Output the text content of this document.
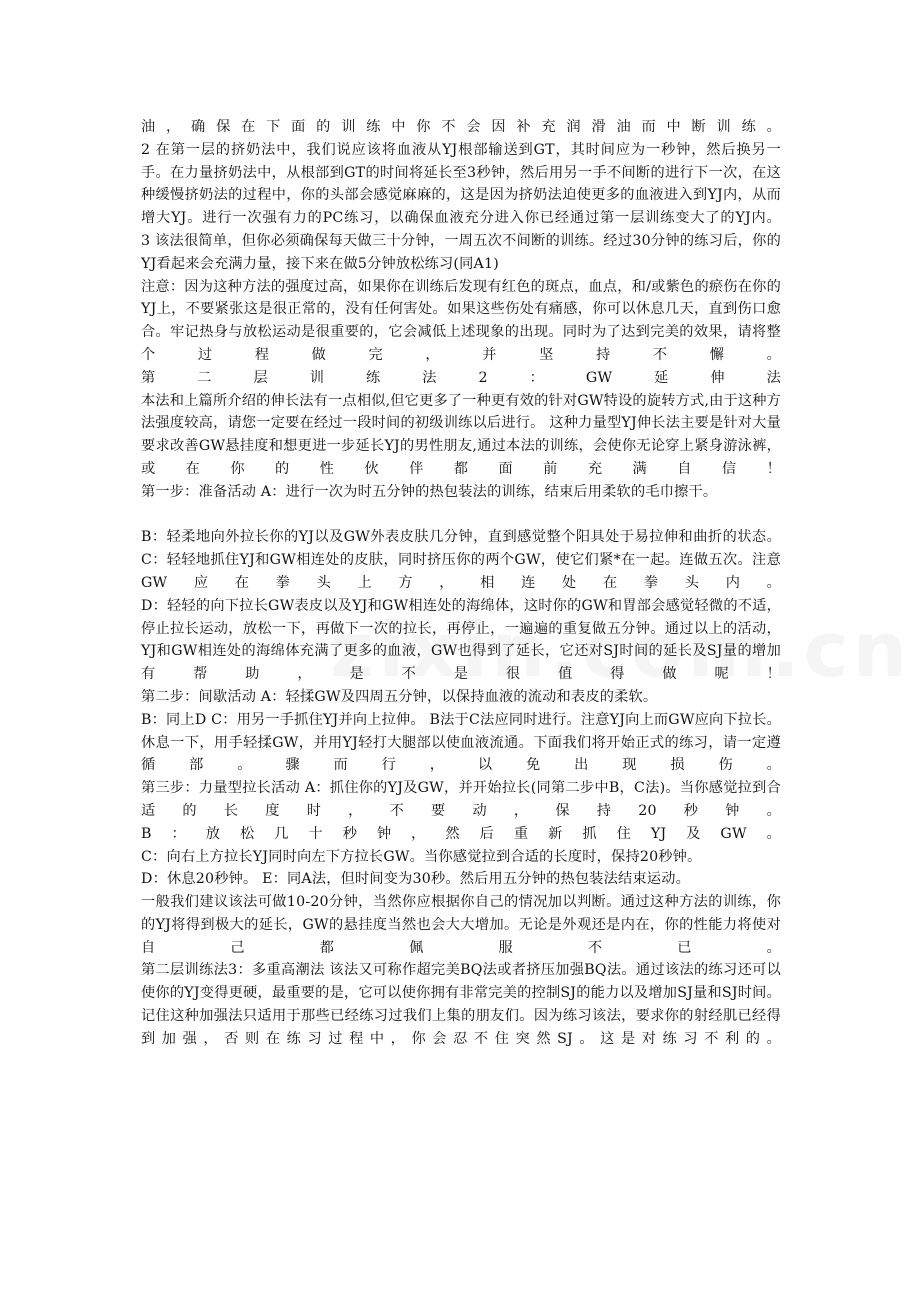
油，确保在下面的训练中你不会因补充润滑油而中断训练。

2 在第一层的挤奶法中，我们说应该将血液从YJ根部输送到GT，其时间应为一秒钟，然后换另一手。在力量挤奶法中，从根部到GT的时间将延长至3秒钟，然后用另一手不间断的进行下一次，在这种缓慢挤奶法的过程中，你的头部会感觉麻麻的，这是因为挤奶法迫使更多的血液进入到YJ内，从而增大YJ。进行一次强有力的PC练习，以确保血液充分进入你已经通过第一层训练变大了的YJ内。

3 该法很简单，但你必须确保每天做三十分钟，一周五次不间断的训练。经过30分钟的练习后，你的YJ看起来会充满力量，接下来在做5分钟放松练习(同A1)

注意：因为这种方法的强度过高，如果你在训练后发现有红色的斑点，血点，和/或紫色的瘀伤在你的YJ上，不要紧张这是很正常的，没有任何害处。如果这些伤处有痛感，你可以休息几天，直到伤口愈合。牢记热身与放松运动是很重要的，它会减低上述现象的出现。同时为了达到完美的效果，请将整个过程做完，并坚持不懈。

第二层训练法2：GW延伸法

本法和上篇所介绍的伸长法有一点相似,但它更多了一种更有效的针对GW特设的旋转方式,由于这种方法强度较高，请您一定要在经过一段时间的初级训练以后进行。 这种力量型YJ伸长法主要是针对大量要求改善GW悬挂度和想更进一步延长YJ的男性朋友,通过本法的训练，会使你无论穿上紧身游泳裤，或在你的性伙伴都面前充满自信！

第一步：准备活动 A：进行一次为时五分钟的热包装法的训练，结束后用柔软的毛巾擦干。

B：轻柔地向外拉长你的YJ以及GW外表皮肤几分钟，直到感觉整个阳具处于易拉伸和曲折的状态。

C：轻轻地抓住YJ和GW相连处的皮肤，同时挤压你的两个GW，使它们紧*在一起。连做五次。注意GW应在拳头上方，相连处在拳头内。

D：轻轻的向下拉长GW表皮以及YJ和GW相连处的海绵体，这时你的GW和胃部会感觉轻微的不适，停止拉长运动，放松一下，再做下一次的拉长，再停止，一遍遍的重复做五分钟。通过以上的活动，YJ和GW相连处的海绵体充满了更多的血液，GW也得到了延长，它还对SJ时间的延长及SJ量的增加有帮助，是不是很值得做呢！

第二步：间歇活动 A：轻揉GW及四周五分钟，以保持血液的流动和表皮的柔软。

B：同上D C：用另一手抓住YJ并向上拉伸。 B法于C法应同时进行。注意YJ向上而GW应向下拉长。休息一下，用手轻揉GW，并用YJ轻打大腿部以使血液流通。下面我们将开始正式的练习，请一定遵循部。骤而行，以免出现损伤。

第三步：力量型拉长活动 A：抓住你的YJ及GW，并开始拉长(同第二步中B，C法)。当你感觉拉到合适的长度时，不要动，保持20秒钟。

B：放松几十秒钟，然后重新抓住YJ及GW。

C：向右上方拉长YJ同时向左下方拉长GW。当你感觉拉到合适的长度时，保持20秒钟。

D：休息20秒钟。 E：同A法，但时间变为30秒。然后用五分钟的热包装法结束运动。

一般我们建议该法可做10-20分钟，当然你应根据你自己的情况加以判断。通过这种方法的训练，你的YJ将得到极大的延长，GW的悬挂度当然也会大大增加。无论是外观还是内在，你的性能力将使对自己都佩服不已。

第二层训练法3：多重高潮法 该法又可称作超完美BQ法或者挤压加强BQ法。通过该法的练习还可以使你的YJ变得更硬，最重要的是，它可以使你拥有非常完美的控制SJ的能力以及增加SJ量和SJ时间。记住这种加强法只适用于那些已经练习过我们上集的朋友们。因为练习该法，要求你的射经肌已经得到加强，否则在练习过程中，你会忍不住突然SJ。这是对练习不利的。
